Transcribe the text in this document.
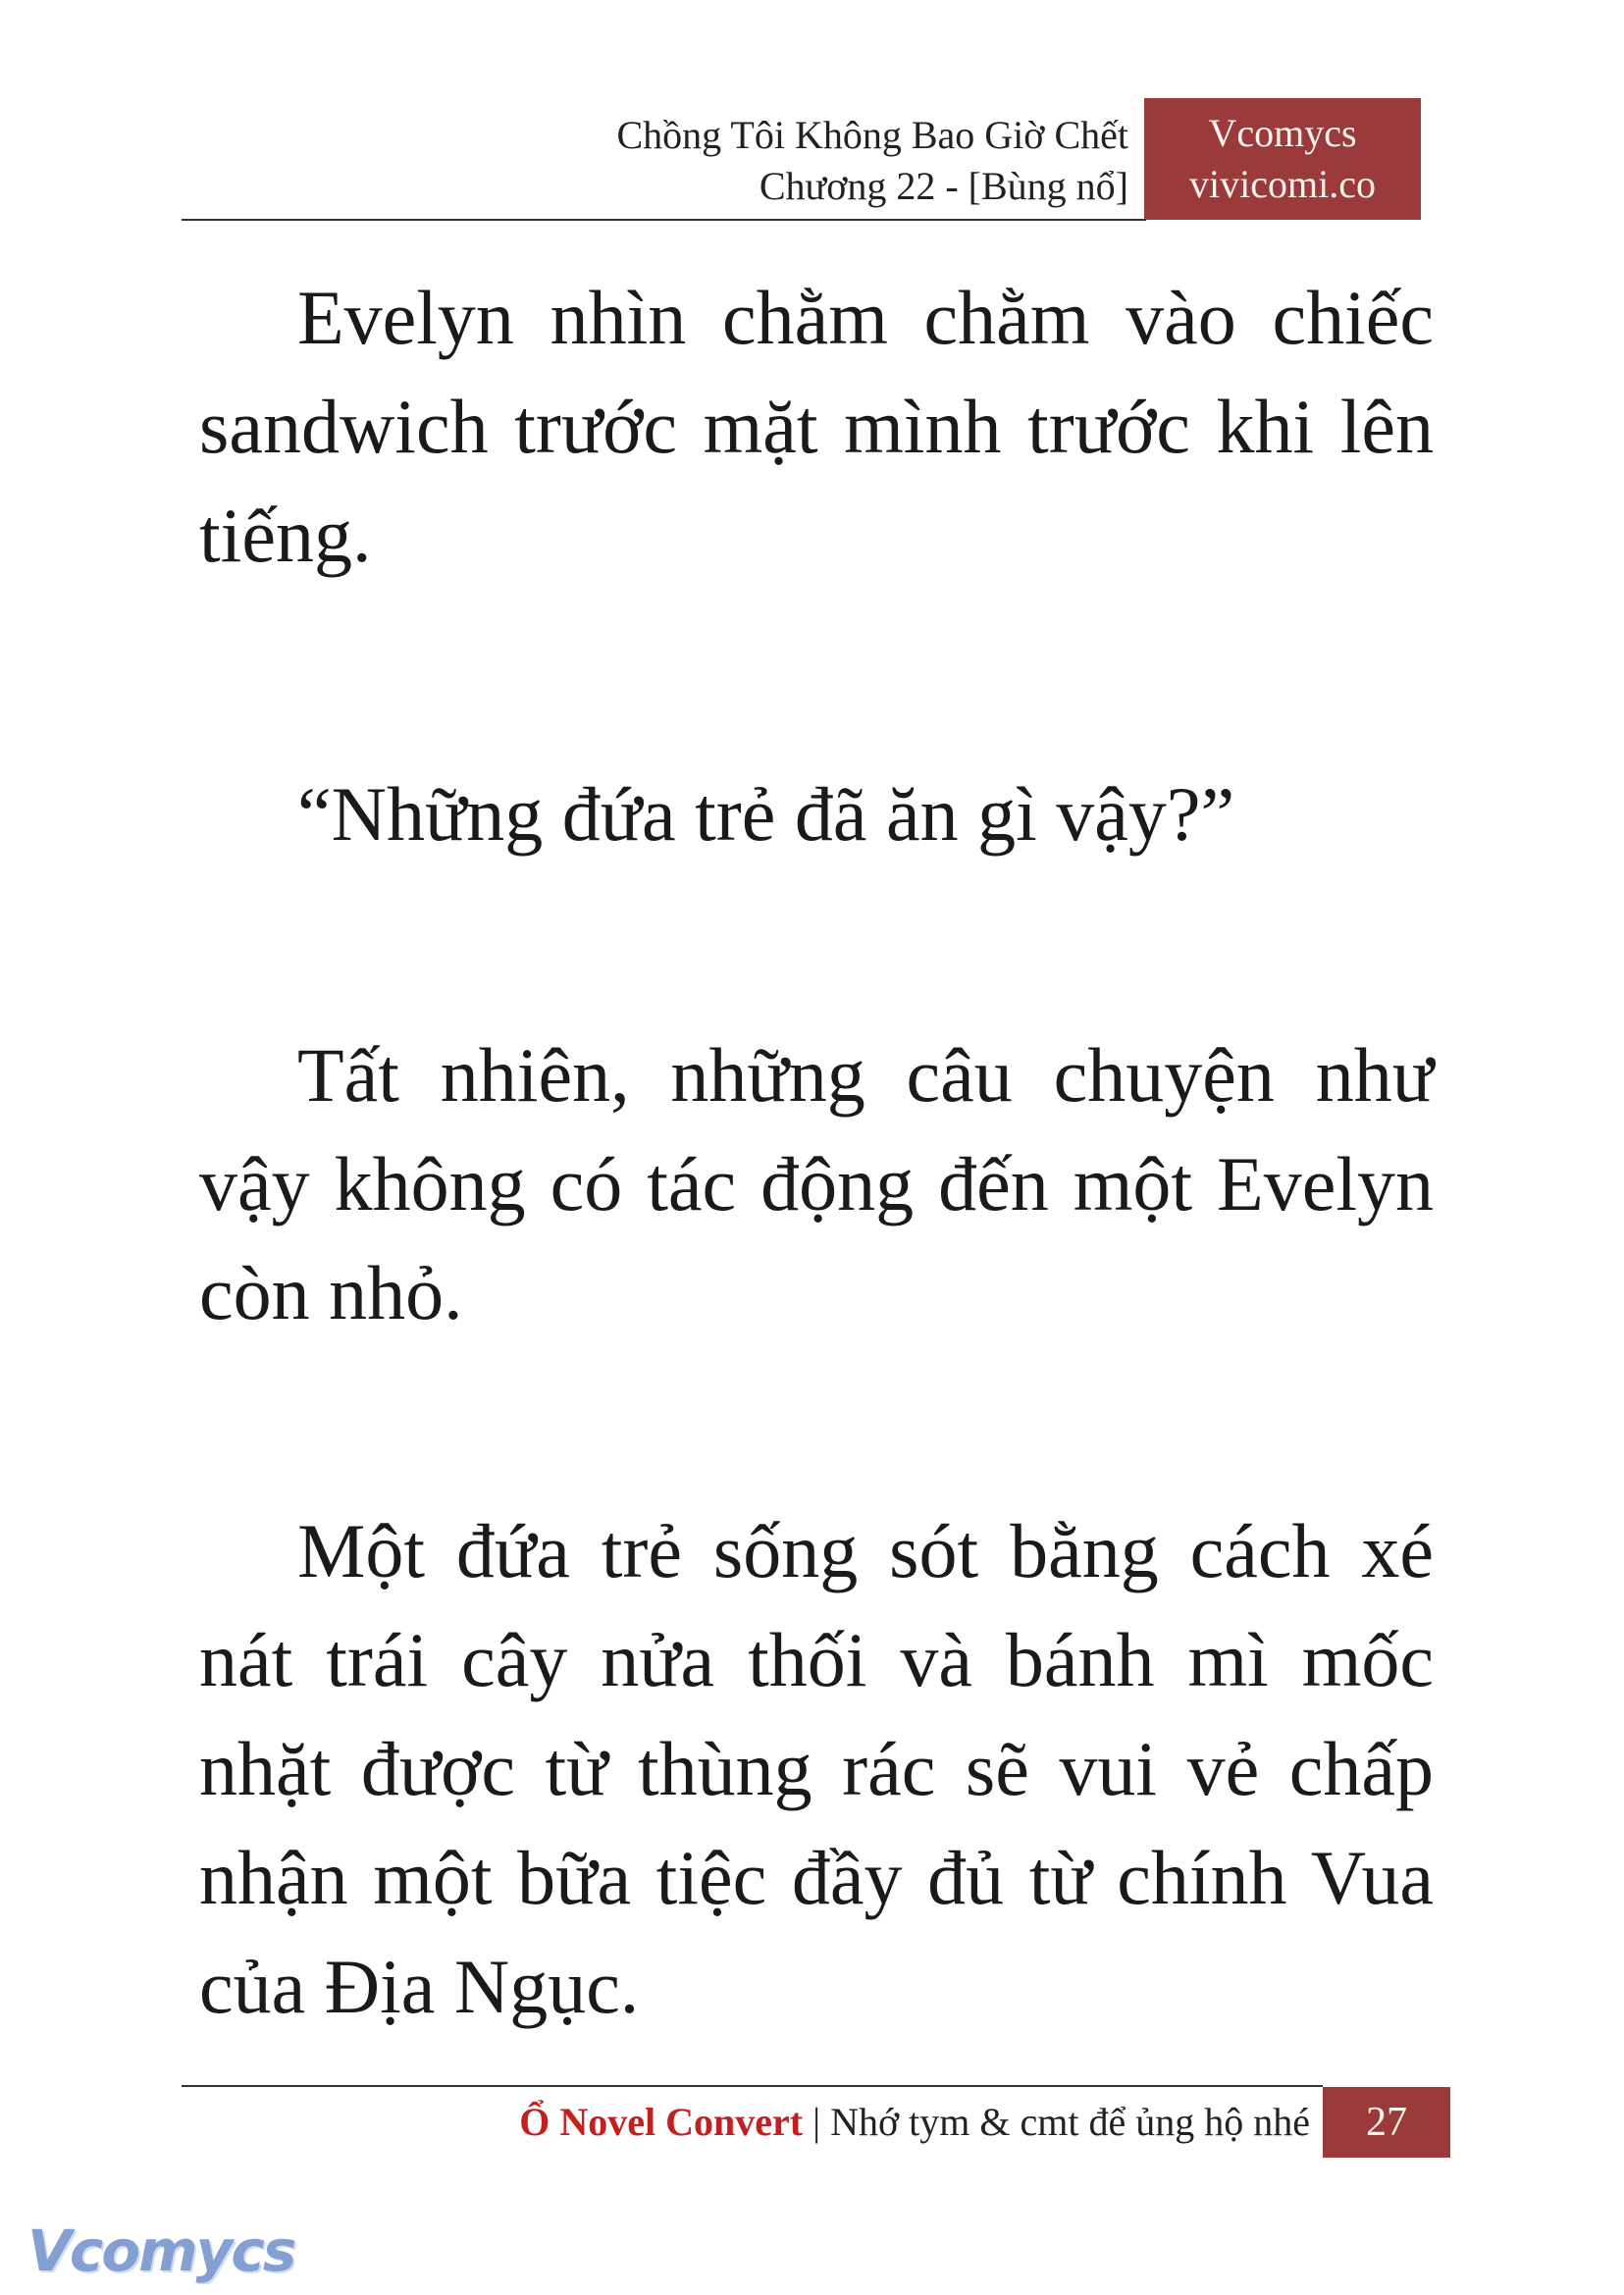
Chồng Tôi Không Bao Giờ Chết
Chương 22 - [Bùng nổ]
Vcomycs
vivicomi.co

Evelyn nhìn chằm chằm vào chiếc sandwich trước mặt mình trước khi lên tiếng.

“Những đứa trẻ đã ăn gì vậy?”

Tất nhiên, những câu chuyện như vậy không có tác động đến một Evelyn còn nhỏ.

Một đứa trẻ sống sót bằng cách xé nát trái cây nửa thối và bánh mì mốc nhặt được từ thùng rác sẽ vui vẻ chấp nhận một bữa tiệc đầy đủ từ chính Vua của Địa Ngục.

Ổ Novel Convert | Nhớ tym & cmt để ủng hộ nhé	27
Vcomycs
